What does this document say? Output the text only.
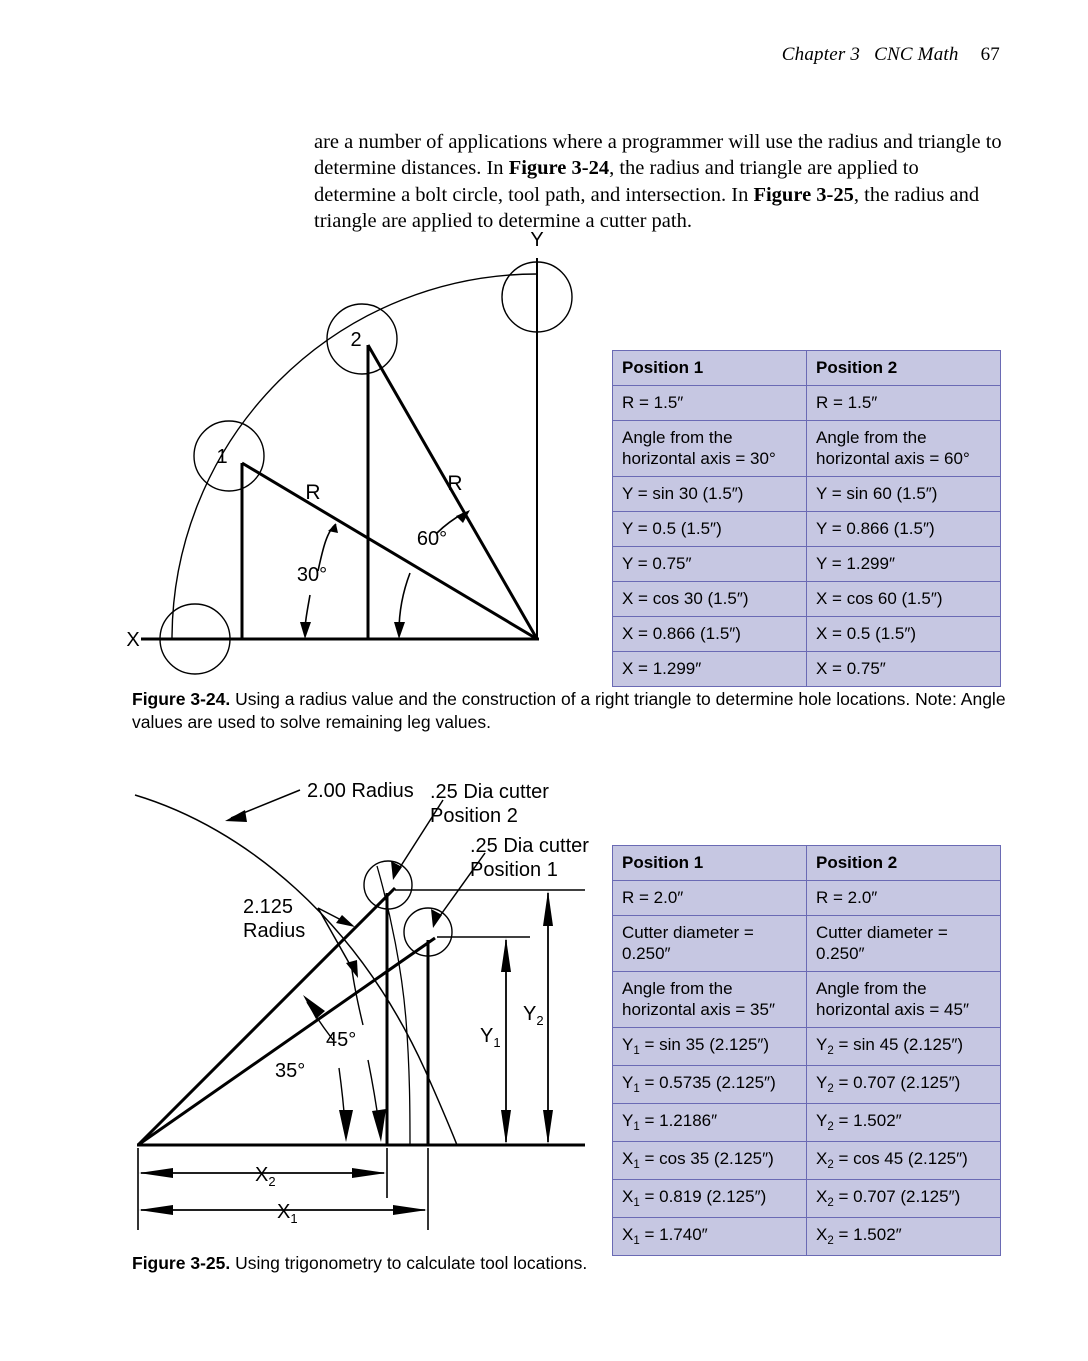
Chapter 3 CNC Math 67

are a number of applications where a programmer will use the radius and triangle to determine distances. In Figure 3-24, the radius and triangle are applied to determine a bolt circle, tool path, and intersection. In Figure 3-25, the radius and triangle are applied to determine a cutter path.

1
2
X
Y
R	R
30°
60°
Position 1	Position 2
R = 1.5″	R = 1.5″
Angle from the horizontal axis = 30°	Angle from the horizontal axis = 60°
Y = sin 30 (1.5″)	Y = sin 60 (1.5″)
Y = 0.5 (1.5″)	Y = 0.866 (1.5″)
Y = 0.75″	Y = 1.299″
X = cos 30 (1.5″)	X = cos 60 (1.5″)
X = 0.866 (1.5″)	X = 0.5 (1.5″)
X = 1.299″	X = 0.75″
Figure 3-24. Using a radius value and the construction of a right triangle to determine hole locations. Note: Angle values are used to solve remaining leg values.
2.00 Radius .25 Dia cutter
Position 2
.25 Dia cutter
Position 1
2.125
Radius
35°
45°	$Y_1$
$Y_2$
$X_2$
$X_1$
Position 1	Position 2
R = 2.0″	R = 2.0″
Cutter diameter = 0.250″	Cutter diameter = 0.250″
Angle from the horizontal axis = 35″	Angle from the horizontal axis = 45″
$Y_1 = \sin 35$ (2.125″)	$Y_2 = \sin 45$ (2.125″)
$Y_1 = 0.5735$ (2.125″)	$Y_2 = 0.707$ (2.125″)
$Y_1 = 1.2186''$	$Y_2 = 1.502''$
$X_1 = \cos 35$ (2.125″)	$X_2 = \cos 45$ (2.125″)
$X_1 = 0.819$ (2.125″)	$X_2 = 0.707$ (2.125″)
$X_1 = 1.740''$	$X_2 = 1.502''$
Figure 3-25. Using trigonometry to calculate tool locations.
